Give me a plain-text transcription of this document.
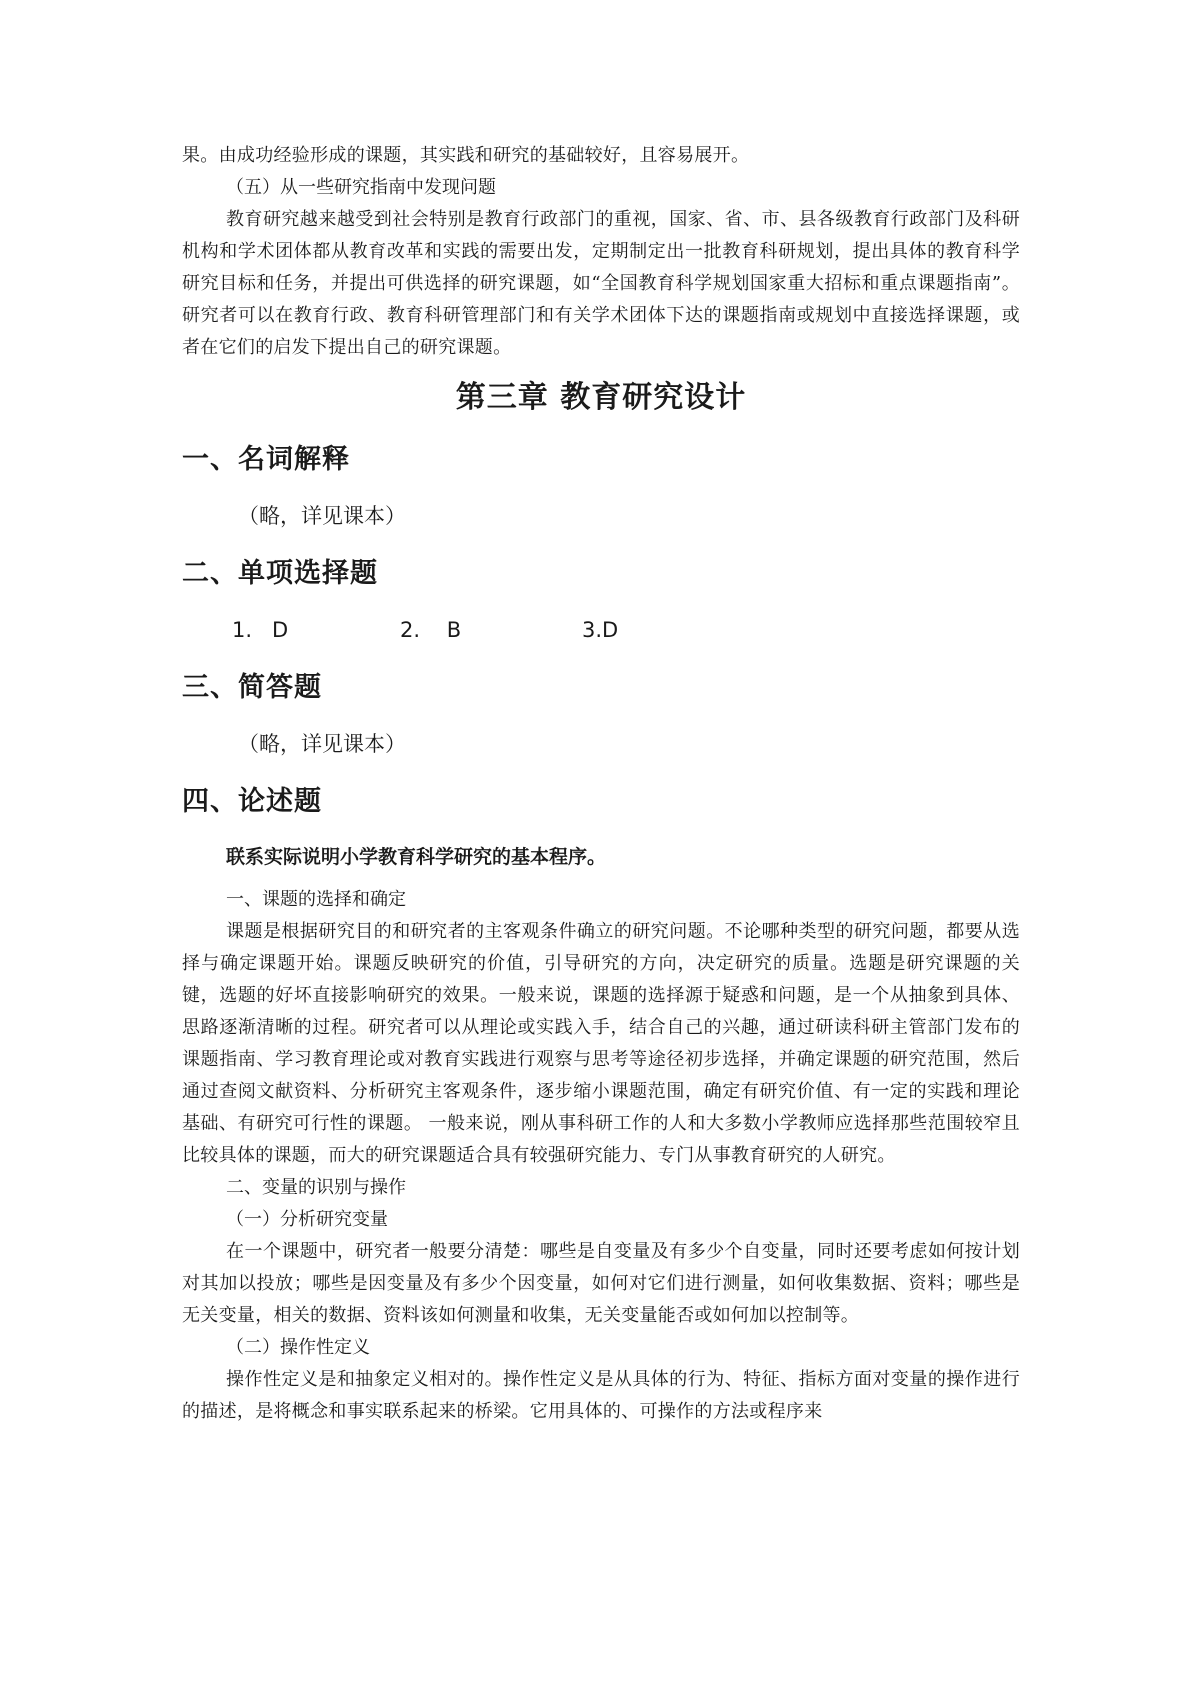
果。由成功经验形成的课题，其实践和研究的基础较好，且容易展开。

（五）从一些研究指南中发现问题

教育研究越来越受到社会特别是教育行政部门的重视，国家、省、市、县各级教育行政部门及科研机构和学术团体都从教育改革和实践的需要出发，定期制定出一批教育科研规划，提出具体的教育科学研究目标和任务，并提出可供选择的研究课题，如“全国教育科学规划国家重大招标和重点课题指南”。研究者可以在教育行政、教育科研管理部门和有关学术团体下达的课题指南或规划中直接选择课题，或者在它们的启发下提出自己的研究课题。

第三章 教育研究设计
一、名词解释

（略，详见课本）

二、单项选择题
1.   D	2.    B	3.D
三、简答题

（略，详见课本）

四、论述题

联系实际说明小学教育科学研究的基本程序。

一、课题的选择和确定

课题是根据研究目的和研究者的主客观条件确立的研究问题。不论哪种类型的研究问题，都要从选择与确定课题开始。课题反映研究的价值，引导研究的方向，决定研究的质量。选题是研究课题的关键，选题的好坏直接影响研究的效果。一般来说，课题的选择源于疑惑和问题，是一个从抽象到具体、思路逐渐清晰的过程。研究者可以从理论或实践入手，结合自己的兴趣，通过研读科研主管部门发布的课题指南、学习教育理论或对教育实践进行观察与思考等途径初步选择，并确定课题的研究范围，然后通过查阅文献资料、分析研究主客观条件，逐步缩小课题范围，确定有研究价值、有一定的实践和理论基础、有研究可行性的课题。 一般来说，刚从事科研工作的人和大多数小学教师应选择那些范围较窄且比较具体的课题，而大的研究课题适合具有较强研究能力、专门从事教育研究的人研究。

二、变量的识别与操作

（一）分析研究变量

在一个课题中，研究者一般要分清楚：哪些是自变量及有多少个自变量，同时还要考虑如何按计划对其加以投放；哪些是因变量及有多少个因变量，如何对它们进行测量，如何收集数据、资料；哪些是无关变量，相关的数据、资料该如何测量和收集，无关变量能否或如何加以控制等。

（二）操作性定义

操作性定义是和抽象定义相对的。操作性定义是从具体的行为、特征、指标方面对变量的操作进行的描述，是将概念和事实联系起来的桥梁。它用具体的、可操作的方法或程序来
